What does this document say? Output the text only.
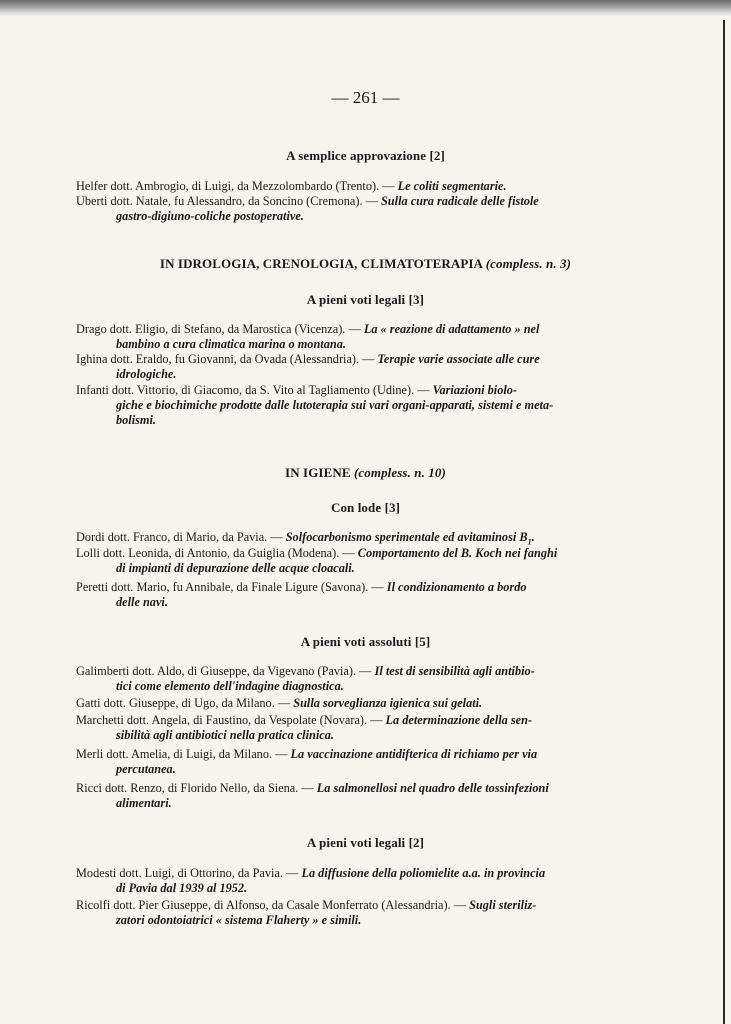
— 261 —
A semplice approvazione [2]
Helfer dott. Ambrogio, di Luigi, da Mezzolombardo (Trento). — Le coliti segmentarie.
Uberti dott. Natale, fu Alessandro, da Soncino (Cremona). — Sulla cura radicale delle fistole
gastro-digiuno-coliche postoperative.
IN IDROLOGIA, CRENOLOGIA, CLIMATOTERAPIA (compless. n. 3)
A pieni voti legali [3]
Drago dott. Eligio, di Stefano, da Marostica (Vicenza). — La « reazione di adattamento » nel
bambino a cura climatica marina o montana.
Ighina dott. Eraldo, fu Giovanni, da Ovada (Alessandria). — Terapie varie associate alle cure
idrologiche.
Infanti dott. Vittorio, di Giacomo, da S. Vito al Tagliamento (Udine). — Variazioni biolo-
giche e biochimiche prodotte dalle lutoterapia sui vari organi-apparati, sistemi e meta-
bolismi.
IN IGIENE (compless. n. 10)
Con lode [3]
Dordi dott. Franco, di Mario, da Pavia. — Solfocarbonismo sperimentale ed avitaminosi $B_1$.
Lolli dott. Leonida, di Antonio, da Guiglia (Modena). — Comportamento del B. Koch nei fanghi
di impianti di depurazione delle acque cloacali.
Peretti dott. Mario, fu Annibale, da Finale Ligure (Savona). — Il condizionamento a bordo
delle navi.
A pieni voti assoluti [5]
Galimberti dott. Aldo, di Giuseppe, da Vigevano (Pavia). — Il test di sensibilità agli antibio-
tici come elemento dell'indagine diagnostica.
Gatti dott. Giuseppe, di Ugo, da Milano. — Sulla sorveglianza igienica sui gelati.
Marchetti dott. Angela, di Faustino, da Vespolate (Novara). — La determinazione della sen-
sibilità agli antibiotici nella pratica clinica.
Merli dott. Amelia, di Luigi, da Milano. — La vaccinazione antidifterica di richiamo per via
percutanea.
Ricci dott. Renzo, di Florido Nello, da Siena. — La salmonellosi nel quadro delle tossinfezioni
alimentari.
A pieni voti legali [2]
Modesti dott. Luigi, di Ottorino, da Pavia. — La diffusione della poliomielite a.a. in provincia
di Pavia dal 1939 al 1952.
Ricolfi dott. Pier Giuseppe, di Alfonso, da Casale Monferrato (Alessandria). — Sugli steriliz-
zatori odontoiatrici « sistema Flaherty » e simili.
